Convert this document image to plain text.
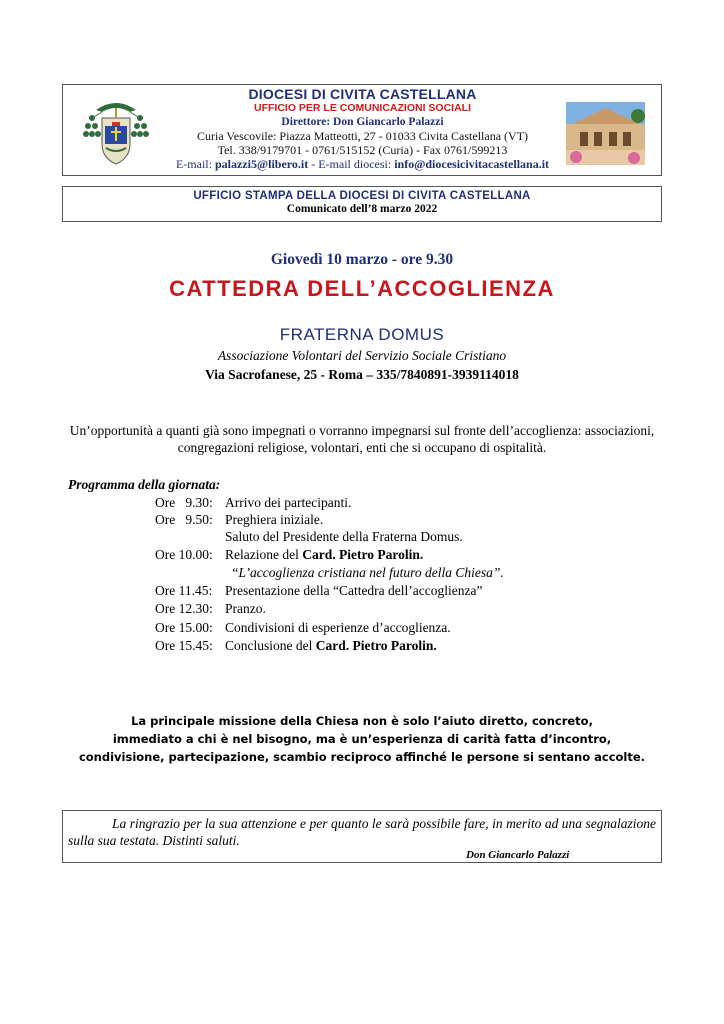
DIOCESI DI CIVITA CASTELLANA
UFFICIO PER LE COMUNICAZIONI SOCIALI
Direttore: Don Giancarlo Palazzi
Curia Vescovile: Piazza Matteotti, 27 - 01033 Civita Castellana (VT)
Tel. 338/9179701 - 0761/515152 (Curia) - Fax 0761/599213
E-mail: palazzi5@libero.it - E-mail diocesi: info@diocesicivitacastellana.it
UFFICIO STAMPA DELLA DIOCESI DI CIVITA CASTELLANA
Comunicato dell’8 marzo 2022
Giovedì 10 marzo - ore 9.30
CATTEDRA DELL’ACCOGLIENZA
FRATERNA DOMUS
Associazione Volontari del Servizio Sociale Cristiano
Via Sacrofanese, 25 - Roma – 335/7840891-3939114018
Un’opportunità a quanti già sono impegnati o vorranno impegnarsi sul fronte dell’accoglienza: associazioni, congregazioni religiose, volontari, enti che si occupano di ospitalità.
Programma della giornata:
Ore   9.30: Arrivo dei partecipanti.
Ore   9.50: Preghiera iniziale.
Saluto del Presidente della Fraterna Domus.
Ore 10.00: Relazione del Card. Pietro Parolin.
“L’accoglienza cristiana nel futuro della Chiesa”.
Ore 11.45: Presentazione della “Cattedra dell’accoglienza”
Ore 12.30: Pranzo.
Ore 15.00: Condivisioni di esperienze d’accoglienza.
Ore 15.45: Conclusione del Card. Pietro Parolin.
La principale missione della Chiesa non è solo l’aiuto diretto, concreto,
immediato a chi è nel bisogno, ma è un’esperienza di carità fatta d’incontro,
condivisione, partecipazione, scambio reciproco affinché le persone si sentano accolte.
La ringrazio per la sua attenzione e per quanto le sarà possibile fare, in merito ad una segnalazione sulla sua testata. Distinti saluti.
Don Giancarlo Palazzi
